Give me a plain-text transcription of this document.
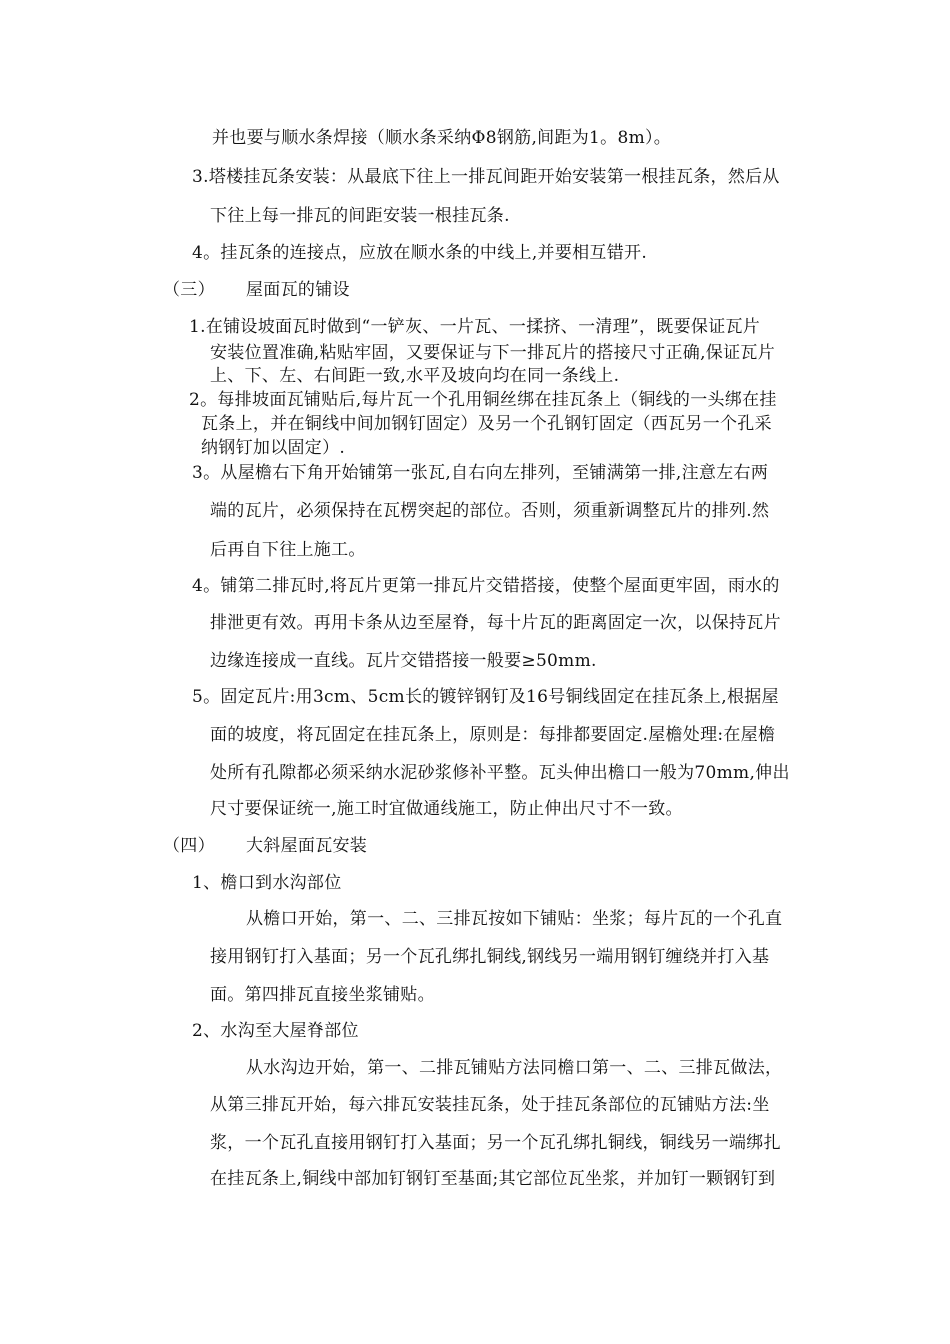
并也要与顺水条焊接（顺水条采纳Φ8钢筋,间距为1。8m）。
3.塔楼挂瓦条安装：从最底下往上一排瓦间距开始安装第一根挂瓦条，然后从
下往上每一排瓦的间距安装一根挂瓦条.
4。挂瓦条的连接点，应放在顺水条的中线上,并要相互错开.
（三） 屋面瓦的铺设
1.在铺设坡面瓦时做到“一铲灰、一片瓦、一揉挤、一清理”，既要保证瓦片
安装位置准确,粘贴牢固，又要保证与下一排瓦片的搭接尺寸正确,保证瓦片
上、下、左、右间距一致,水平及坡向均在同一条线上.
2。每排坡面瓦铺贴后,每片瓦一个孔用铜丝绑在挂瓦条上（铜线的一头绑在挂
瓦条上，并在铜线中间加钢钉固定）及另一个孔钢钉固定（西瓦另一个孔采
纳钢钉加以固定）.
3。从屋檐右下角开始铺第一张瓦,自右向左排列，至铺满第一排,注意左右两
端的瓦片，必须保持在瓦楞突起的部位。否则，须重新调整瓦片的排列.然
后再自下往上施工。
4。铺第二排瓦时,将瓦片更第一排瓦片交错搭接，使整个屋面更牢固，雨水的
排泄更有效。再用卡条从边至屋脊，每十片瓦的距离固定一次，以保持瓦片
边缘连接成一直线。瓦片交错搭接一般要≥50mm.
5。固定瓦片:用3cm、5cm长的镀锌钢钉及16号铜线固定在挂瓦条上,根据屋
面的坡度，将瓦固定在挂瓦条上，原则是：每排都要固定.屋檐处理:在屋檐
处所有孔隙都必须采纳水泥砂浆修补平整。瓦头伸出檐口一般为70mm,伸出
尺寸要保证统一,施工时宜做通线施工，防止伸出尺寸不一致。
（四） 大斜屋面瓦安装
1、檐口到水沟部位
从檐口开始，第一、二、三排瓦按如下铺贴：坐浆；每片瓦的一个孔直
接用钢钉打入基面；另一个瓦孔绑扎铜线,钢线另一端用钢钉缠绕并打入基
面。第四排瓦直接坐浆铺贴。
2、水沟至大屋脊部位
从水沟边开始，第一、二排瓦铺贴方法同檐口第一、二、三排瓦做法，
从第三排瓦开始，每六排瓦安装挂瓦条，处于挂瓦条部位的瓦铺贴方法:坐
浆，一个瓦孔直接用钢钉打入基面；另一个瓦孔绑扎铜线，铜线另一端绑扎
在挂瓦条上,铜线中部加钉钢钉至基面;其它部位瓦坐浆，并加钉一颗钢钉到
